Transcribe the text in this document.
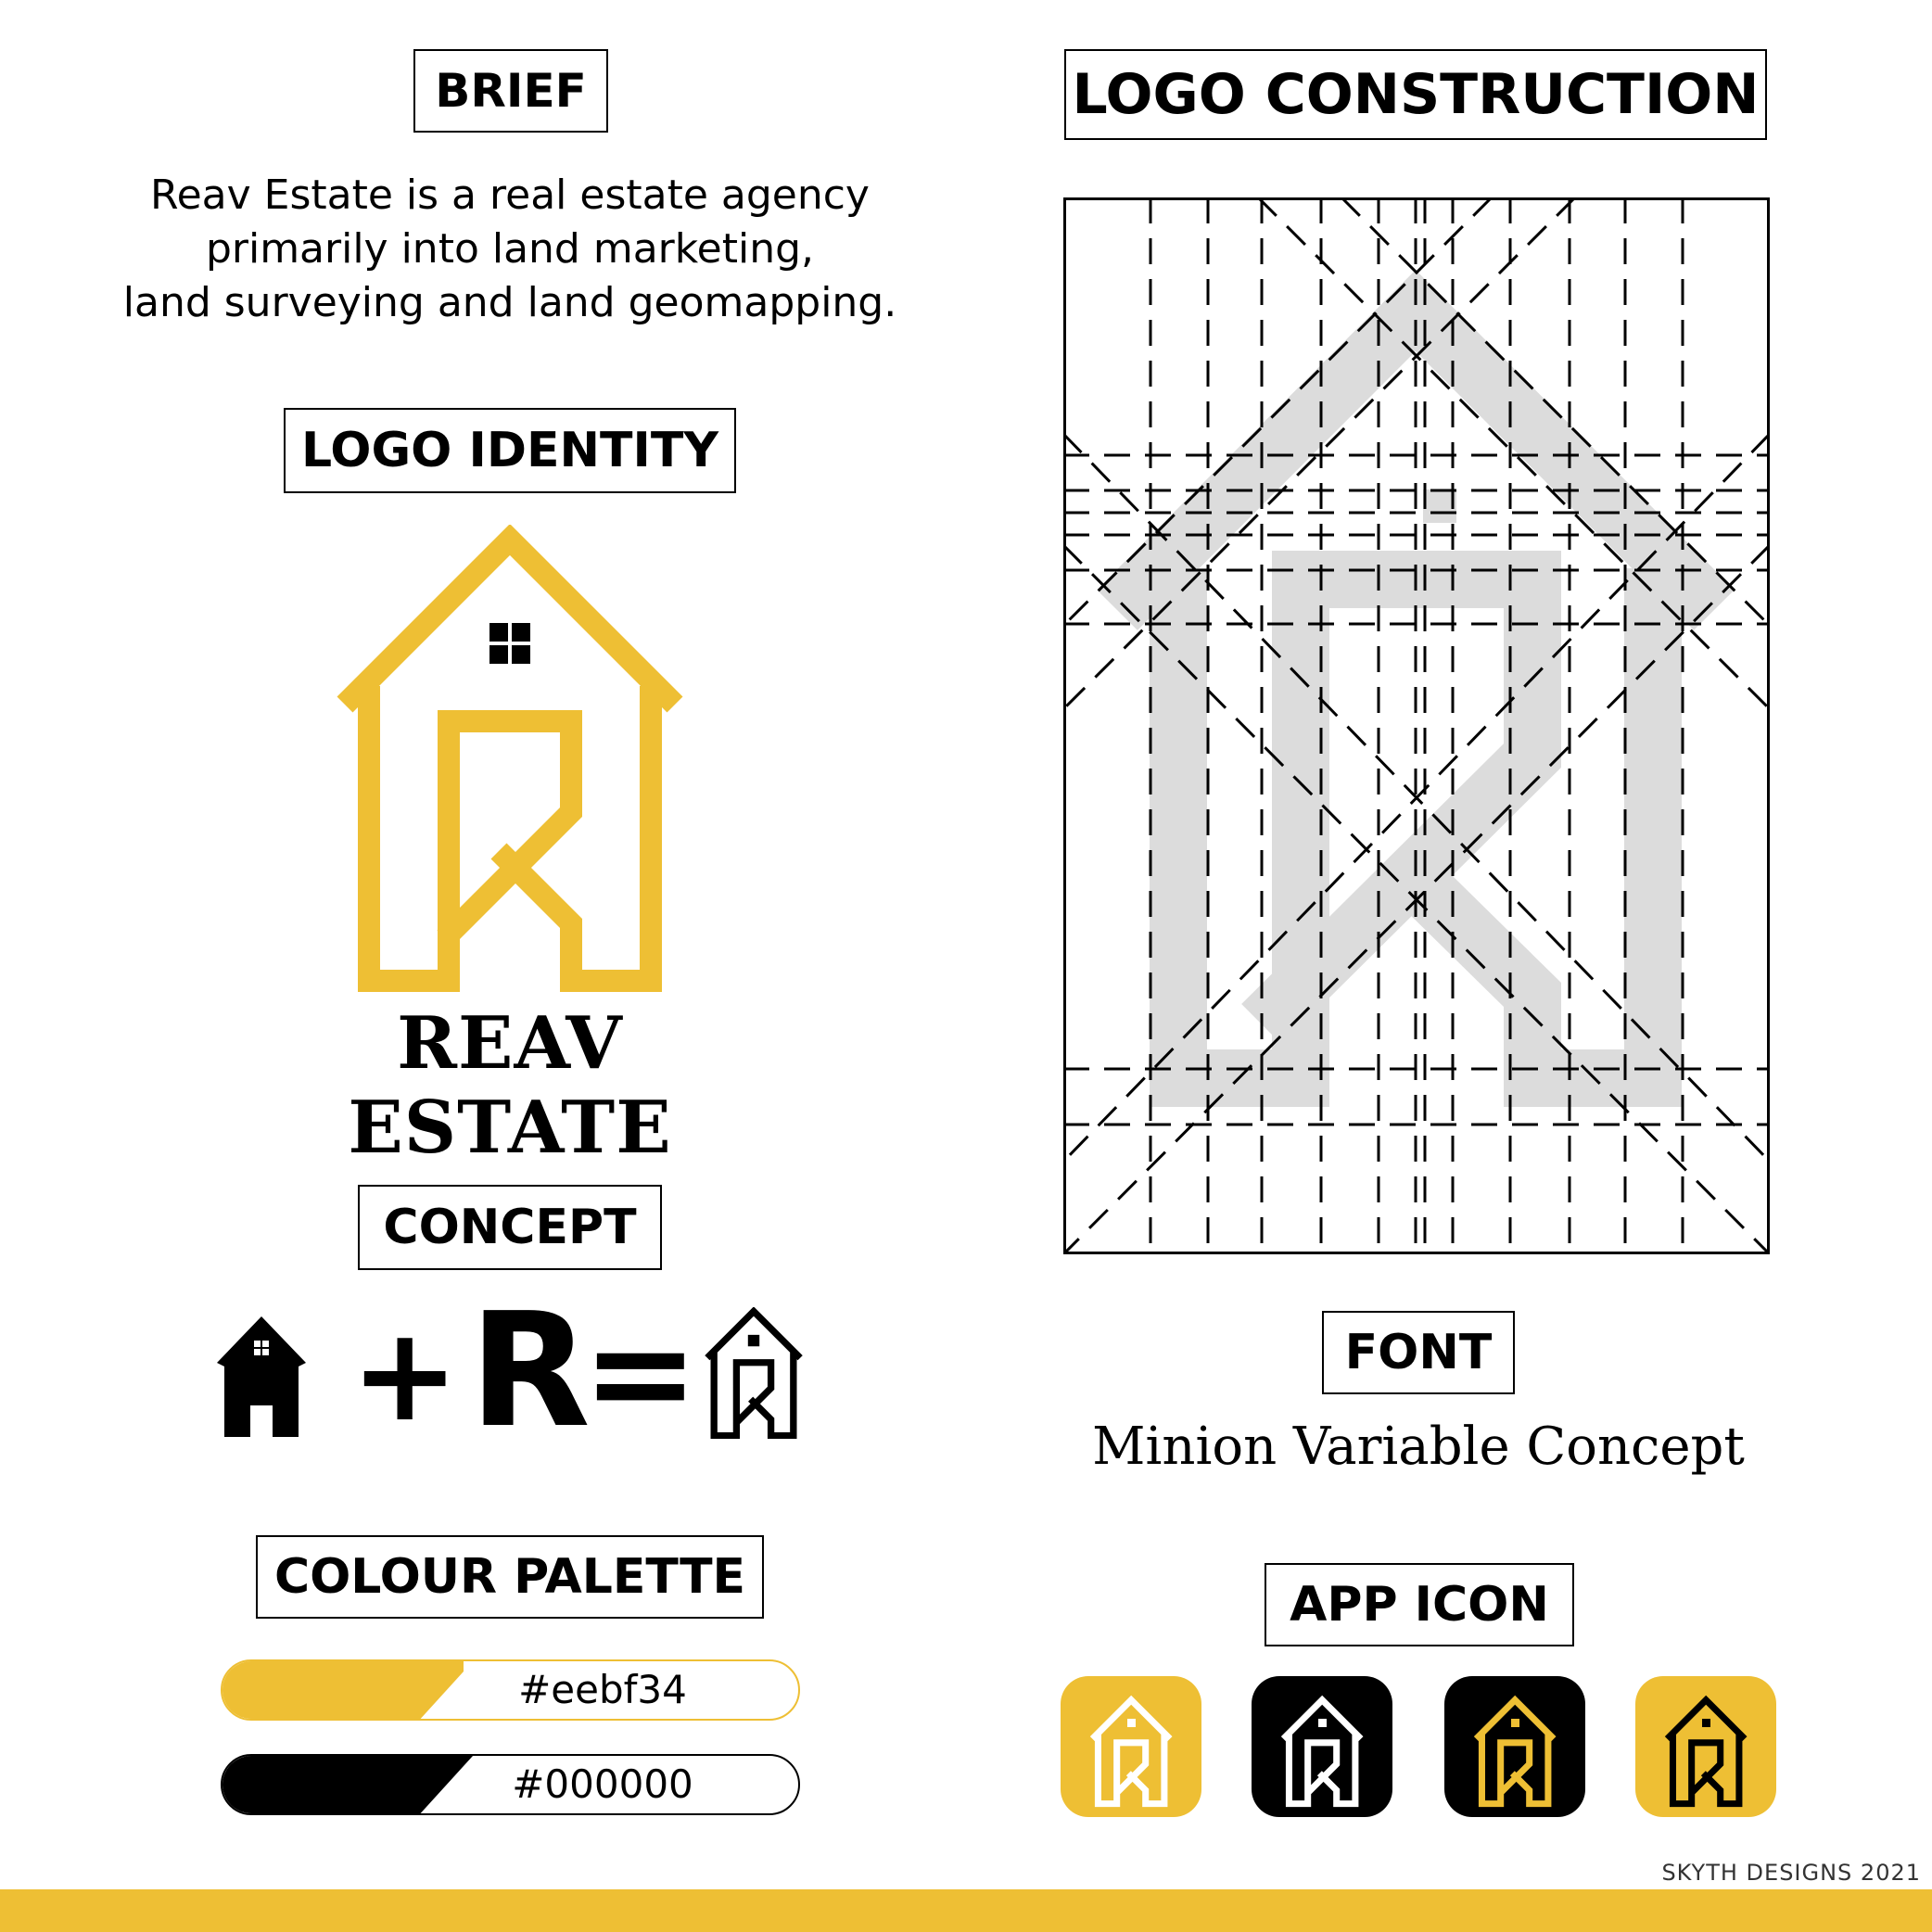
BRIEF
Reav Estate is a real estate agency
primarily into land marketing,
land surveying and land geomapping.
LOGO IDENTITY
REAV ESTATE
CONCEPT
+ R
=
COLOUR PALETTE
#eebf34
#000000
LOGO CONSTRUCTION
FONT
Minion Variable Concept
APP ICON
SKYTH DESIGNS 2021
